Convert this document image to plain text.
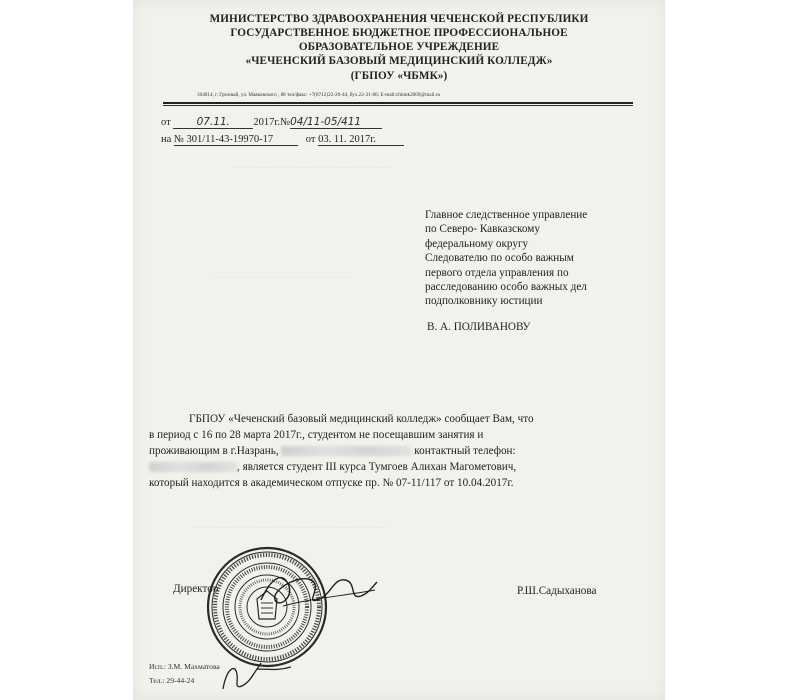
...............................................................
.......................................................
..............................................................................
МИНИСТЕРСТВО ЗДРАВООХРАНЕНИЯ ЧЕЧЕНСКОЙ РЕСПУБЛИКИ
ГОСУДАРСТВЕННОЕ БЮДЖЕТНОЕ ПРОФЕССИОНАЛЬНОЕ
ОБРАЗОВАТЕЛЬНОЕ УЧРЕЖДЕНИЕ
«ЧЕЧЕНСКИЙ БАЗОВЫЙ МЕДИЦИНСКИЙ КОЛЛЕДЖ»
(ГБПОУ «ЧБМК»)
364014, г. Грозный, ул. Маяковского , 88 тел/факс: +7(8712)22-20-44, бух.22-31-86; E-mail:chbmk2009@mail.ru
от 07.11. 2017г.№04/11-05/411
на № 301/11-43-19970-17	от 03. 11. 2017г.
Главное следственное управление
по Северо- Кавказскому
федеральному округу
Следователю по особо важным
первого отдела управления по
расследованию особо важных дел
подполковнику юстиции
В. А. ПОЛИВАНОВУ
ГБПОУ «Чеченский базовый медицинский колледж» сообщает Вам, что
в период с 16 по 28 марта 2017г., студентом не посещавшим занятия и
проживающим в г.Назрань,	контактный телефон:
, является студент III курса Тумгоев Алихан Магометович,
который находится в академическом отпуске пр. № 07-11/117 от 10.04.2017г.
Директор	Р.Ш.Садыханова
Исп.: З.М. Махматова
Тел.: 29-44-24
